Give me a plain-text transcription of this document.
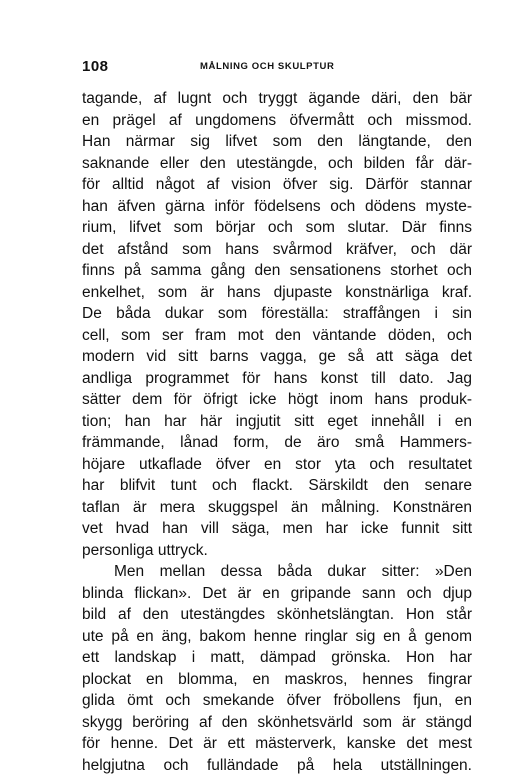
108	MÅLNING OCH SKULPTUR
tagande, af lugnt och tryggt ägande däri, den bär
en prägel af ungdomens öfvermått och missmod.
Han närmar sig lifvet som den längtande, den
saknande eller den utestängde, och bilden får där-
för alltid något af vision öfver sig. Därför stannar
han äfven gärna inför födelsens och dödens myste-
rium, lifvet som börjar och som slutar. Där finns
det afstånd som hans svårmod kräfver, och där
finns på samma gång den sensationens storhet och
enkelhet, som är hans djupaste konstnärliga kraf.
De båda dukar som föreställa: straffången i sin
cell, som ser fram mot den väntande döden, och
modern vid sitt barns vagga, ge så att säga det
andliga programmet för hans konst till dato. Jag
sätter dem för öfrigt icke högt inom hans produk-
tion; han har här ingjutit sitt eget innehåll i en
främmande, lånad form, de äro små Hammers-
höjare utkaflade öfver en stor yta och resultatet
har blifvit tunt och flackt. Särskildt den senare
taflan är mera skuggspel än målning. Konstnären
vet hvad han vill säga, men har icke funnit sitt
personliga uttryck.
Men mellan dessa båda dukar sitter: »Den
blinda flickan». Det är en gripande sann och djup
bild af den utestängdes skönhetslängtan. Hon står
ute på en äng, bakom henne ringlar sig en å genom
ett landskap i matt, dämpad grönska. Hon har
plockat en blomma, en maskros, hennes fingrar
glida ömt och smekande öfver fröbollens fjun, en
skygg beröring af den skönhetsvärld som är stängd
för henne. Det är ett mästerverk, kanske det mest
helgjutna och fulländade på hela utställningen.
